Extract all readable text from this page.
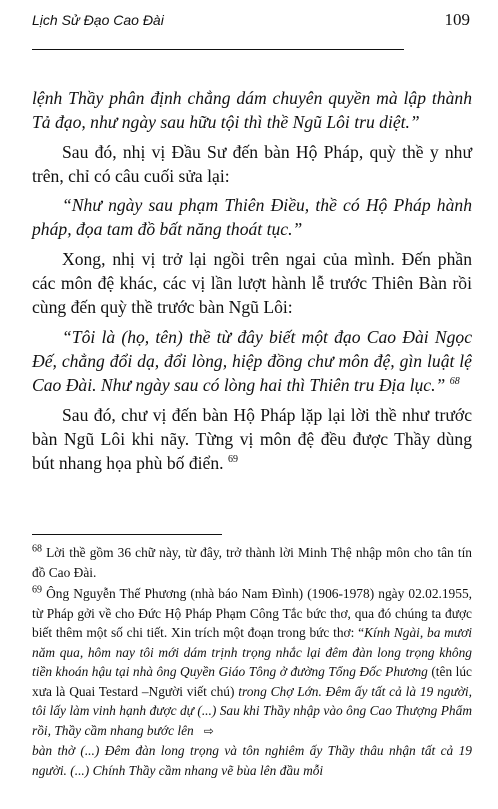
Lịch Sử Đạo Cao Đài	109

lệnh Thầy phân định chẳng dám chuyên quyền mà lập thành Tả đạo, như ngày sau hữu tội thì thề Ngũ Lôi tru diệt.”

Sau đó, nhị vị Đầu Sư đến bàn Hộ Pháp, quỳ thề y như trên, chỉ có câu cuối sửa lại:

“Như ngày sau phạm Thiên Điều, thề có Hộ Pháp hành pháp, đọa tam đồ bất năng thoát tục.”

Xong, nhị vị trở lại ngồi trên ngai của mình. Đến phần các môn đệ khác, các vị lần lượt hành lễ trước Thiên Bàn rồi cùng đến quỳ thề trước bàn Ngũ Lôi:

“Tôi là (họ, tên) thề từ đây biết một đạo Cao Đài Ngọc Đế, chẳng đổi dạ, đổi lòng, hiệp đồng chư môn đệ, gìn luật lệ Cao Đài. Như ngày sau có lòng hai thì Thiên tru Địa lục.” $^{68}$

Sau đó, chư vị đến bàn Hộ Pháp lặp lại lời thề như trước bàn Ngũ Lôi khi nãy. Từng vị môn đệ đều được Thầy dùng bút nhang họa phù bố điển. $^{69}$

$^{68}$ Lời thề gồm 36 chữ này, từ đây, trở thành lời Minh Thệ nhập môn cho tân tín đồ Cao Đài.

$^{69}$ Ông Nguyễn Thế Phương (nhà báo Nam Đình) (1906-1978) ngày 02.02.1955, từ Pháp gởi về cho Đức Hộ Pháp Phạm Công Tắc bức thơ, qua đó chúng ta được biết thêm một số chi tiết. Xin trích một đoạn trong bức thơ: “Kính Ngài, ba mươi năm qua, hôm nay tôi mới dám trịnh trọng nhắc lại đêm đàn long trọng không tiền khoán hậu tại nhà ông Quyền Giáo Tông ở đường Tổng Đốc Phương (tên lúc xưa là Quai Testard –Người viết chú) trong Chợ Lớn. Đêm ấy tất cả là 19 người, tôi lấy làm vinh hạnh được dự (...) Sau khi Thầy nhập vào ông Cao Thượng Phẩm rồi, Thầy cầm nhang bước lên ⇨
bàn thờ (...) Đêm đàn long trọng và tôn nghiêm ấy Thầy thâu nhận tất cả 19 người. (...) Chính Thầy cầm nhang vẽ bùa lên đầu mỗi
